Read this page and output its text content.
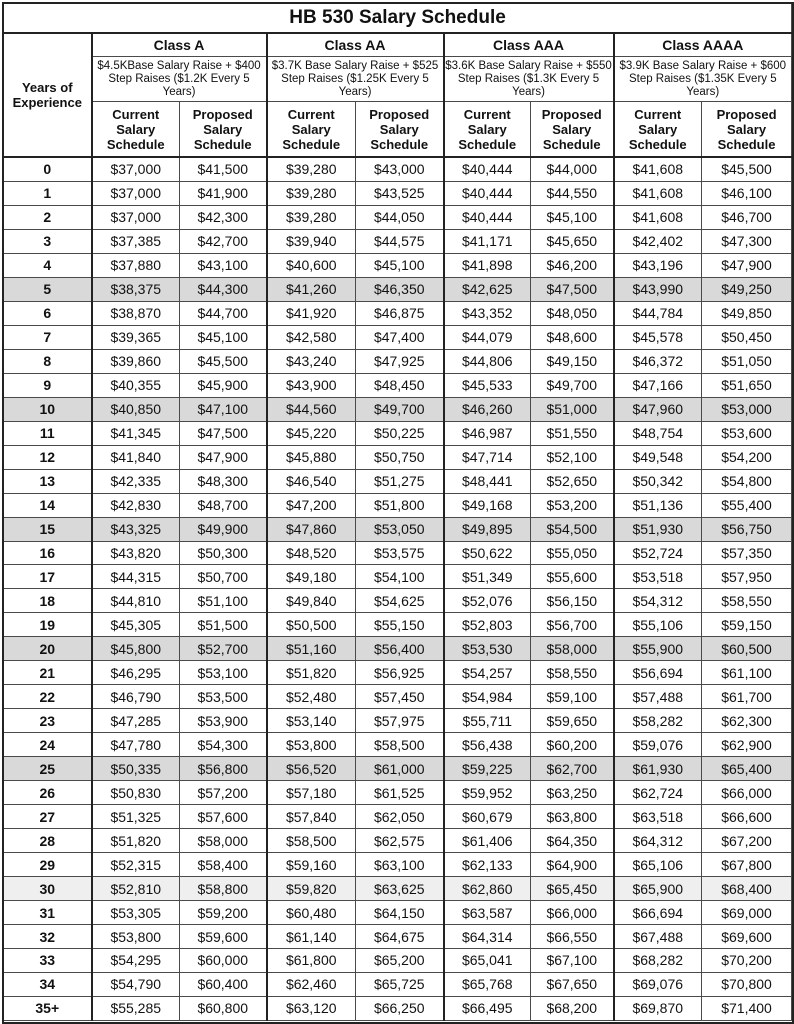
HB 530 Salary Schedule								
Years of Experience	Class A		Class AA		Class AAA		Class AAAA	
	$4.5KBase Salary Raise + $400 Step Raises ($1.2K Every 5 Years)		$3.7K Base Salary Raise + $525 Step Raises ($1.25K Every 5 Years)		$3.6K Base Salary Raise + $550 Step Raises ($1.3K Every 5 Years)		$3.9K Base Salary Raise + $600 Step Raises ($1.35K Every 5 Years)	
	Current Salary Schedule	Proposed Salary Schedule	Current Salary Schedule	Proposed Salary Schedule	Current Salary Schedule	Proposed Salary Schedule	Current Salary Schedule	Proposed Salary Schedule
0	$37,000	$41,500	$39,280	$43,000	$40,444	$44,000	$41,608	$45,500
1	$37,000	$41,900	$39,280	$43,525	$40,444	$44,550	$41,608	$46,100
2	$37,000	$42,300	$39,280	$44,050	$40,444	$45,100	$41,608	$46,700
3	$37,385	$42,700	$39,940	$44,575	$41,171	$45,650	$42,402	$47,300
4	$37,880	$43,100	$40,600	$45,100	$41,898	$46,200	$43,196	$47,900
5	$38,375	$44,300	$41,260	$46,350	$42,625	$47,500	$43,990	$49,250
6	$38,870	$44,700	$41,920	$46,875	$43,352	$48,050	$44,784	$49,850
7	$39,365	$45,100	$42,580	$47,400	$44,079	$48,600	$45,578	$50,450
8	$39,860	$45,500	$43,240	$47,925	$44,806	$49,150	$46,372	$51,050
9	$40,355	$45,900	$43,900	$48,450	$45,533	$49,700	$47,166	$51,650
10	$40,850	$47,100	$44,560	$49,700	$46,260	$51,000	$47,960	$53,000
11	$41,345	$47,500	$45,220	$50,225	$46,987	$51,550	$48,754	$53,600
12	$41,840	$47,900	$45,880	$50,750	$47,714	$52,100	$49,548	$54,200
13	$42,335	$48,300	$46,540	$51,275	$48,441	$52,650	$50,342	$54,800
14	$42,830	$48,700	$47,200	$51,800	$49,168	$53,200	$51,136	$55,400
15	$43,325	$49,900	$47,860	$53,050	$49,895	$54,500	$51,930	$56,750
16	$43,820	$50,300	$48,520	$53,575	$50,622	$55,050	$52,724	$57,350
17	$44,315	$50,700	$49,180	$54,100	$51,349	$55,600	$53,518	$57,950
18	$44,810	$51,100	$49,840	$54,625	$52,076	$56,150	$54,312	$58,550
19	$45,305	$51,500	$50,500	$55,150	$52,803	$56,700	$55,106	$59,150
20	$45,800	$52,700	$51,160	$56,400	$53,530	$58,000	$55,900	$60,500
21	$46,295	$53,100	$51,820	$56,925	$54,257	$58,550	$56,694	$61,100
22	$46,790	$53,500	$52,480	$57,450	$54,984	$59,100	$57,488	$61,700
23	$47,285	$53,900	$53,140	$57,975	$55,711	$59,650	$58,282	$62,300
24	$47,780	$54,300	$53,800	$58,500	$56,438	$60,200	$59,076	$62,900
25	$50,335	$56,800	$56,520	$61,000	$59,225	$62,700	$61,930	$65,400
26	$50,830	$57,200	$57,180	$61,525	$59,952	$63,250	$62,724	$66,000
27	$51,325	$57,600	$57,840	$62,050	$60,679	$63,800	$63,518	$66,600
28	$51,820	$58,000	$58,500	$62,575	$61,406	$64,350	$64,312	$67,200
29	$52,315	$58,400	$59,160	$63,100	$62,133	$64,900	$65,106	$67,800
30	$52,810	$58,800	$59,820	$63,625	$62,860	$65,450	$65,900	$68,400
31	$53,305	$59,200	$60,480	$64,150	$63,587	$66,000	$66,694	$69,000
32	$53,800	$59,600	$61,140	$64,675	$64,314	$66,550	$67,488	$69,600
33	$54,295	$60,000	$61,800	$65,200	$65,041	$67,100	$68,282	$70,200
34	$54,790	$60,400	$62,460	$65,725	$65,768	$67,650	$69,076	$70,800
35+	$55,285	$60,800	$63,120	$66,250	$66,495	$68,200	$69,870	$71,400
